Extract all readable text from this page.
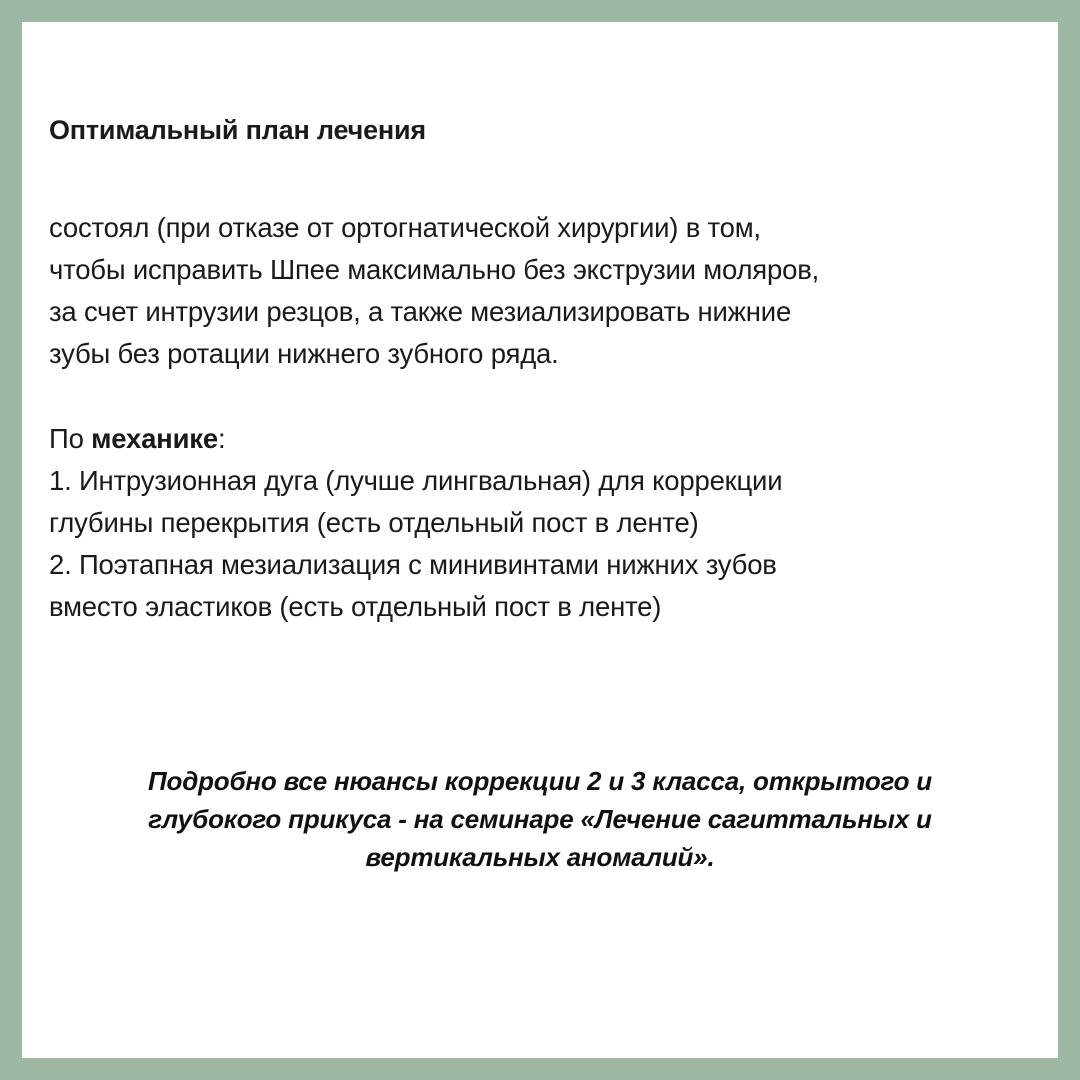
Оптимальный план лечения
состоял (при отказе от ортогнатической хирургии) в том,
чтобы исправить Шпее максимально без экструзии моляров,
за счет интрузии резцов, а также мезиализировать нижние
зубы без ротации нижнего зубного ряда.
По механике:
1. Интрузионная дуга (лучше лингвальная) для коррекции
глубины перекрытия (есть отдельный пост в ленте)
2. Поэтапная мезиализация с минивинтами нижних зубов
вместо эластиков (есть отдельный пост в ленте)
Подробно все нюансы коррекции 2 и 3 класса, открытого и
глубокого прикуса - на семинаре «Лечение сагиттальных и
вертикальных аномалий».
